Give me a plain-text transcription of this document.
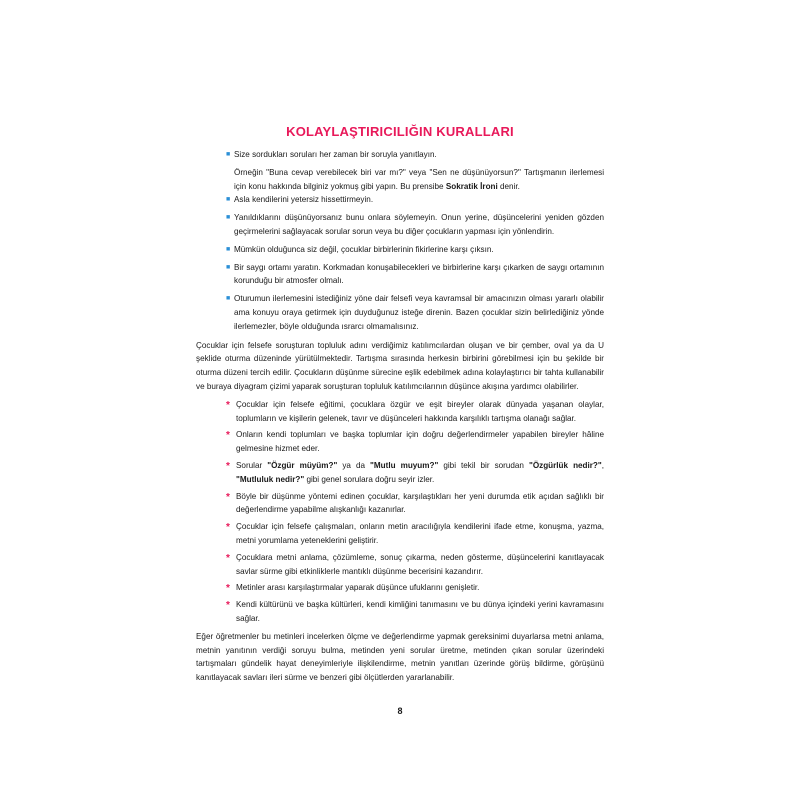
KOLAYLAŞTIRICILIĞIN KURALLARI
■ Size sordukları soruları her zaman bir soruyla yanıtlayın.

Örneğin "Buna cevap verebilecek biri var mı?" veya "Sen ne düşünüyorsun?" Tartışmanın ilerlemesi için konu hakkında bilginiz yokmuş gibi yapın. Bu prensibe Sokratik İroni denir.

■ Asla kendilerini yetersiz hissettirmeyin.
■ Yanıldıklarını düşünüyorsanız bunu onlara söylemeyin. Onun yerine, düşüncelerini yeniden gözden geçirmelerini sağlayacak sorular sorun veya bu diğer çocukların yapması için yönlendirin.
■ Mümkün olduğunca siz değil, çocuklar birbirlerinin fikirlerine karşı çıksın.
■ Bir saygı ortamı yaratın. Korkmadan konuşabilecekleri ve birbirlerine karşı çıkarken de saygı ortamının korunduğu bir atmosfer olmalı.
■ Oturumun ilerlemesini istediğiniz yöne dair felsefi veya kavramsal bir amacınızın olması yararlı olabilir ama konuyu oraya getirmek için duyduğunuz isteğe direnin. Bazen çocuklar sizin belirlediğiniz yönde ilerlemezler, böyle olduğunda ısrarcı olmamalısınız.

Çocuklar için felsefe soruşturan topluluk adını verdiğimiz katılımcılardan oluşan ve bir çember, oval ya da U şeklide oturma düzeninde yürütülmektedir. Tartışma sırasında herkesin birbirini görebilmesi için bu şekilde bir oturma düzeni tercih edilir. Çocukların düşünme sürecine eşlik edebilmek adına kolaylaştırıcı bir tahta kullanabilir ve buraya diyagram çizimi yaparak soruşturan topluluk katılımcılarının düşünce akışına yardımcı olabilirler.

* Çocuklar için felsefe eğitimi, çocuklara özgür ve eşit bireyler olarak dünyada yaşanan olaylar, toplumların ve kişilerin gelenek, tavır ve düşünceleri hakkında karşılıklı tartışma olanağı sağlar.
* Onların kendi toplumları ve başka toplumlar için doğru değerlendirmeler yapabilen bireyler hâline gelmesine hizmet eder.
* Sorular "Özgür müyüm?" ya da "Mutlu muyum?" gibi tekil bir sorudan "Özgürlük nedir?", "Mutluluk nedir?" gibi genel sorulara doğru seyir izler.
* Böyle bir düşünme yöntemi edinen çocuklar, karşılaştıkları her yeni durumda etik açıdan sağlıklı bir değerlendirme yapabilme alışkanlığı kazanırlar.
* Çocuklar için felsefe çalışmaları, onların metin aracılığıyla kendilerini ifade etme, konuşma, yazma, metni yorumlama yeteneklerini geliştirir.
* Çocuklara metni anlama, çözümleme, sonuç çıkarma, neden gösterme, düşüncelerini kanıtlayacak savlar sürme gibi etkinliklerle mantıklı düşünme becerisini kazandırır.
* Metinler arası karşılaştırmalar yaparak düşünce ufuklarını genişletir.
* Kendi kültürünü ve başka kültürleri, kendi kimliğini tanımasını ve bu dünya içindeki yerini kavramasını sağlar.

Eğer öğretmenler bu metinleri incelerken ölçme ve değerlendirme yapmak gereksinimi duyarlarsa metni anlama, metnin yanıtının verdiği soruyu bulma, metinden yeni sorular üretme, metinden çıkan sorular üzerindeki tartışmaları gündelik hayat deneyimleriyle ilişkilendirme, metnin yanıtları üzerinde görüş bildirme, görüşünü kanıtlayacak savları ileri sürme ve benzeri gibi ölçütlerden yararlanabilir.

8
